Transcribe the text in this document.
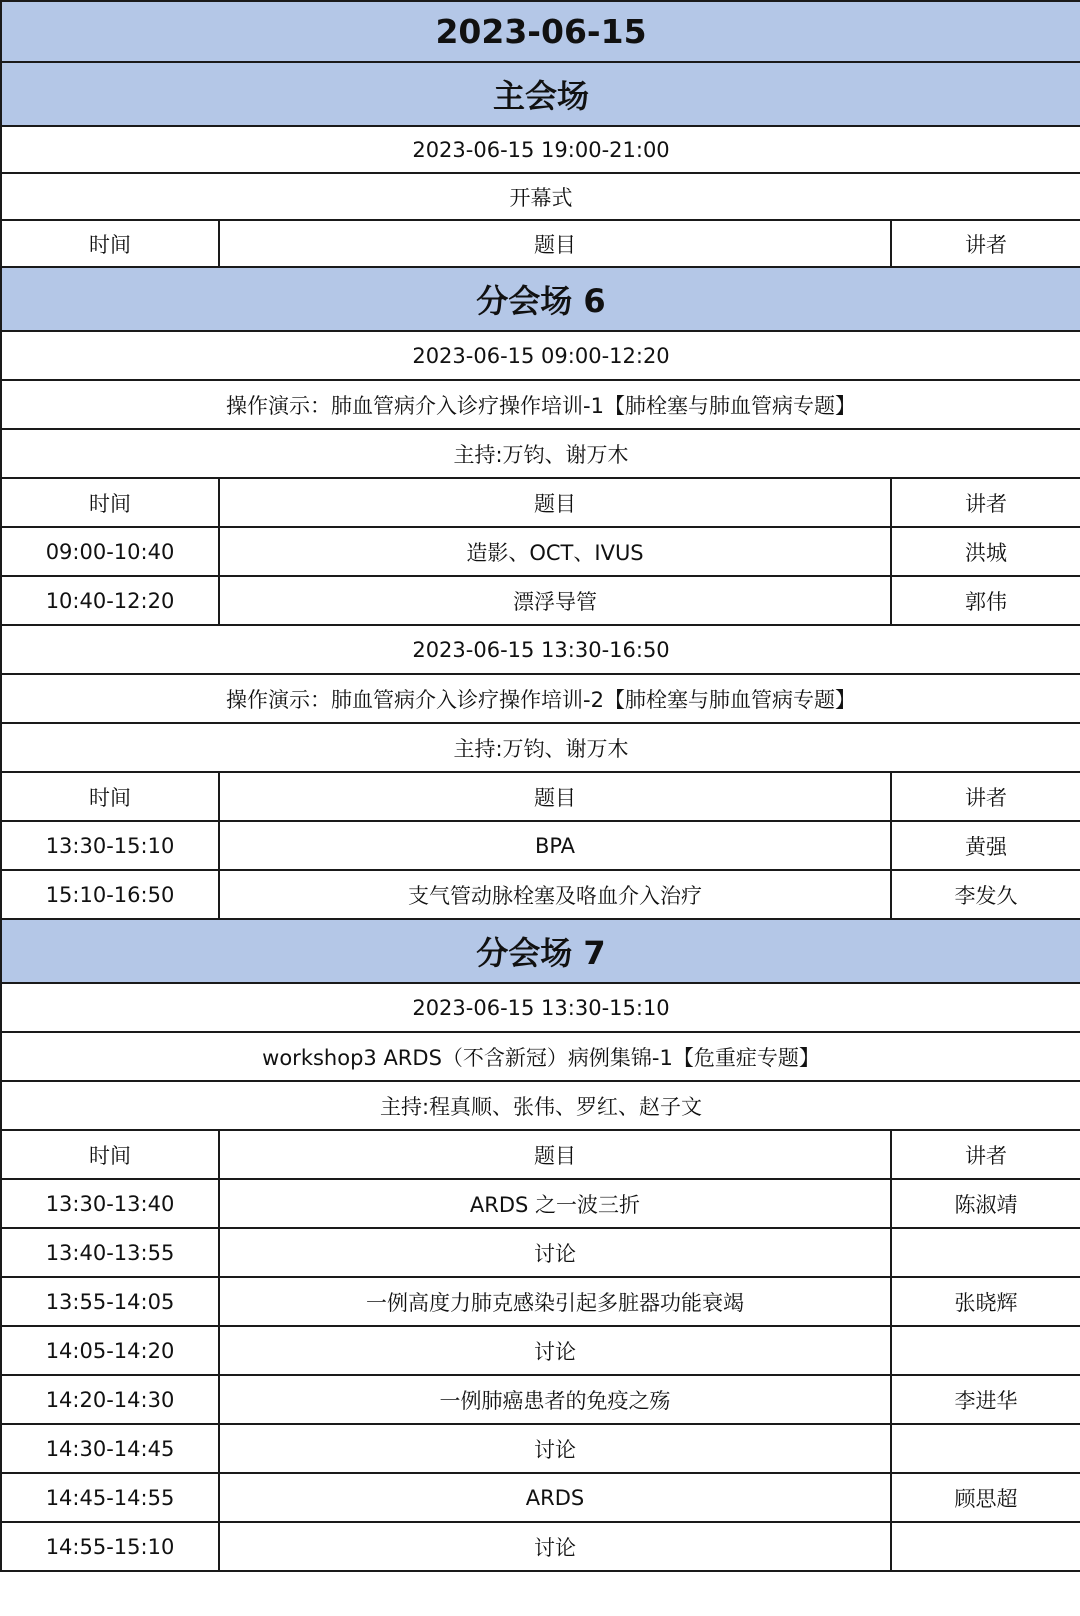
2023-06-15		
主会场		
2023-06-15 19:00-21:00		
开幕式		
时间	题目	讲者
分会场 6		
2023-06-15 09:00-12:20		
操作演示：肺血管病介入诊疗操作培训-1【肺栓塞与肺血管病专题】		
主持:万钧、谢万木		
时间	题目	讲者
09:00-10:40	造影、OCT、IVUS	洪城
10:40-12:20	漂浮导管	郭伟
2023-06-15 13:30-16:50		
操作演示：肺血管病介入诊疗操作培训-2【肺栓塞与肺血管病专题】		
主持:万钧、谢万木		
时间	题目	讲者
13:30-15:10	BPA	黄强
15:10-16:50	支气管动脉栓塞及咯血介入治疗	李发久
分会场 7		
2023-06-15 13:30-15:10		
workshop3 ARDS（不含新冠）病例集锦-1【危重症专题】		
主持:程真顺、张伟、罗红、赵子文		
时间	题目	讲者
13:30-13:40	ARDS 之一波三折	陈淑靖
13:40-13:55	讨论	
13:55-14:05	一例高度力肺克感染引起多脏器功能衰竭	张晓辉
14:05-14:20	讨论	
14:20-14:30	一例肺癌患者的免疫之殇	李进华
14:30-14:45	讨论	
14:45-14:55	ARDS	顾思超
14:55-15:10	讨论	
